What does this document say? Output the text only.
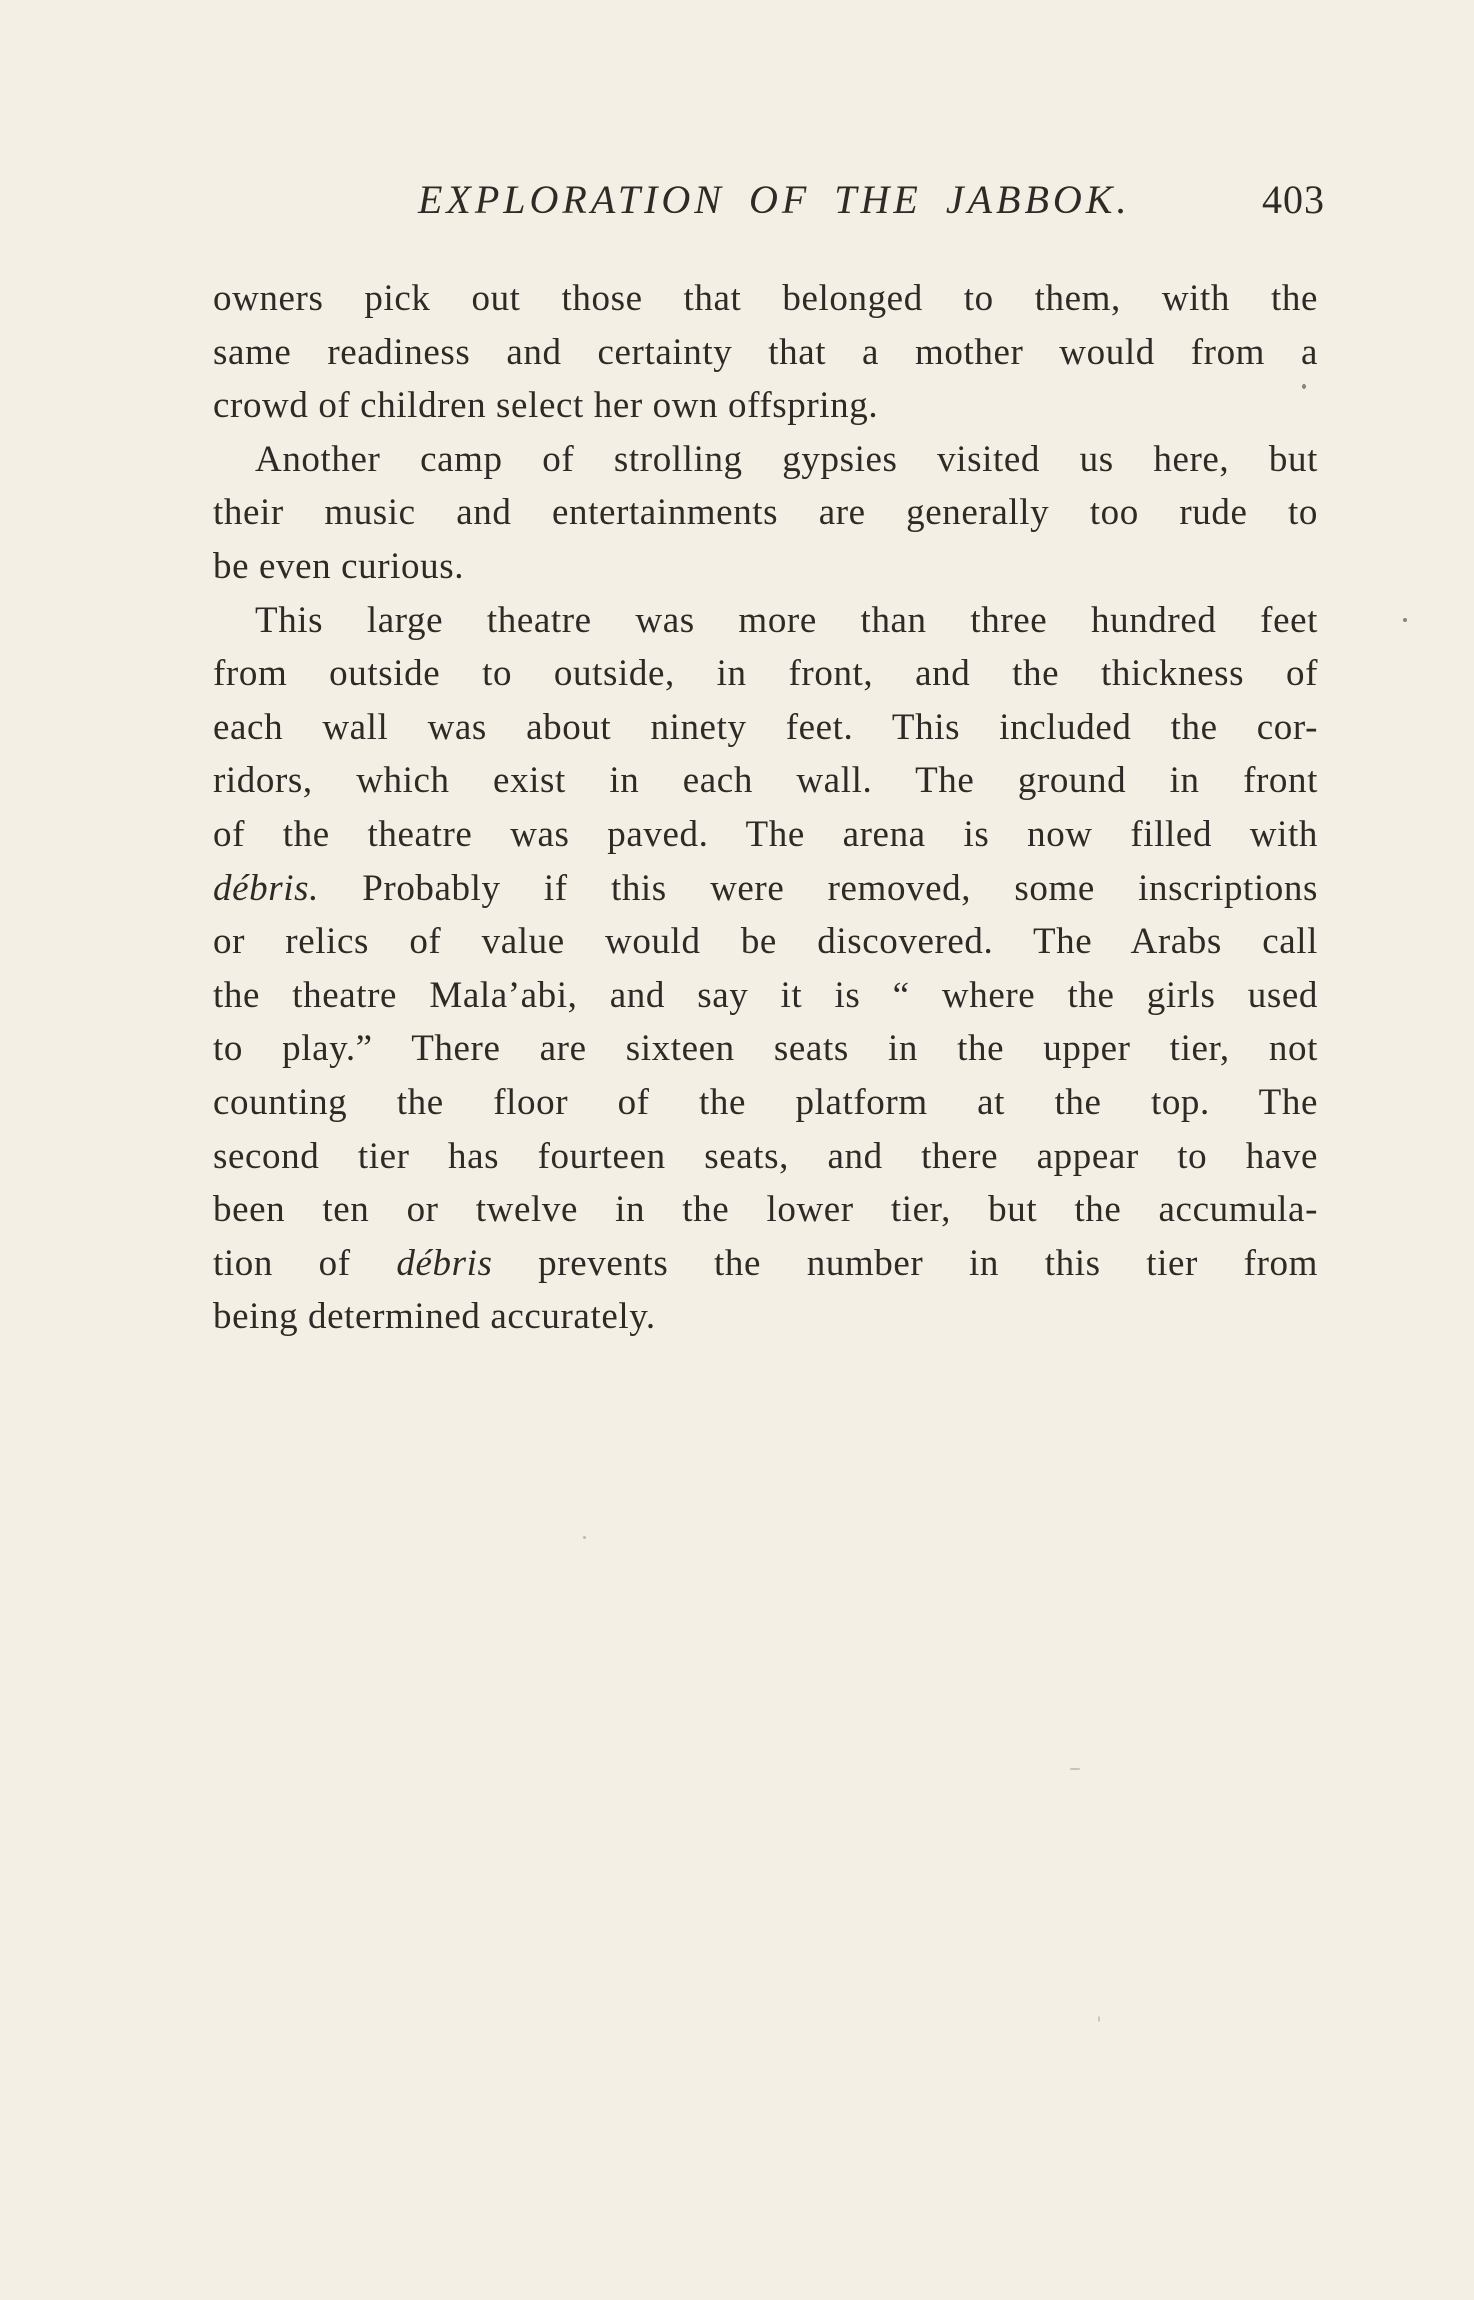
EXPLORATION OF THE JABBOK.	403
owners pick out those that belonged to them, with the
same readiness and certainty that a mother would from a
crowd of children select her own offspring.
Another camp of strolling gypsies visited us here, but
their music and entertainments are generally too rude to
be even curious.
This large theatre was more than three hundred feet
from outside to outside, in front, and the thickness of
each wall was about ninety feet. This included the cor-
ridors, which exist in each wall. The ground in front
of the theatre was paved. The arena is now filled with
débris. Probably if this were removed, some inscriptions
or relics of value would be discovered. The Arabs call
the theatre Mala’abi, and say it is “ where the girls used
to play.” There are sixteen seats in the upper tier, not
counting the floor of the platform at the top. The
second tier has fourteen seats, and there appear to have
been ten or twelve in the lower tier, but the accumula-
tion of débris prevents the number in this tier from
being determined accurately.
